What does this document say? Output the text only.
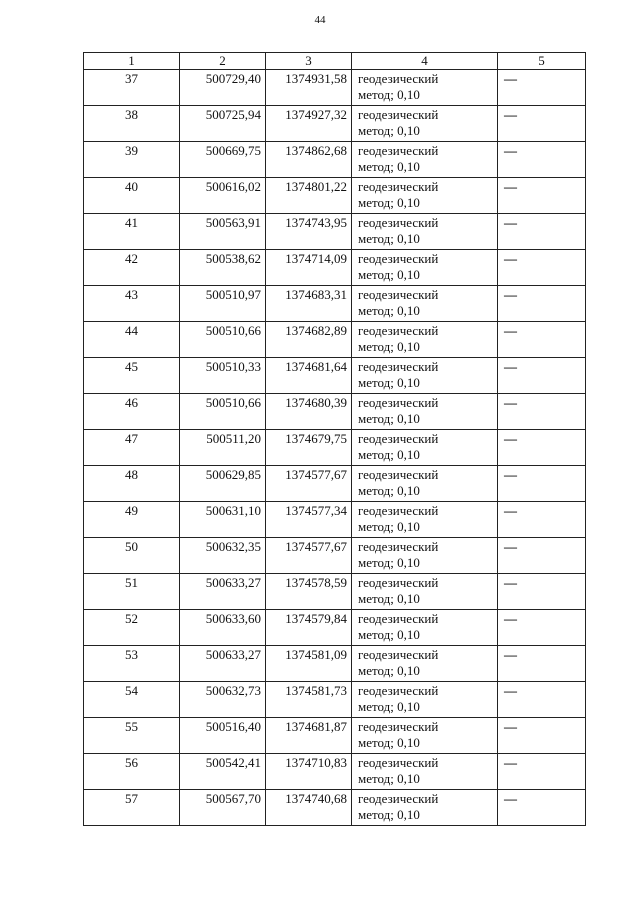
44
1	2	3	4	5
37	500729,40	1374931,58	геодезический
метод; 0,10	—
38	500725,94	1374927,32	геодезический
метод; 0,10	—
39	500669,75	1374862,68	геодезический
метод; 0,10	—
40	500616,02	1374801,22	геодезический
метод; 0,10	—
41	500563,91	1374743,95	геодезический
метод; 0,10	—
42	500538,62	1374714,09	геодезический
метод; 0,10	—
43	500510,97	1374683,31	геодезический
метод; 0,10	—
44	500510,66	1374682,89	геодезический
метод; 0,10	—
45	500510,33	1374681,64	геодезический
метод; 0,10	—
46	500510,66	1374680,39	геодезический
метод; 0,10	—
47	500511,20	1374679,75	геодезический
метод; 0,10	—
48	500629,85	1374577,67	геодезический
метод; 0,10	—
49	500631,10	1374577,34	геодезический
метод; 0,10	—
50	500632,35	1374577,67	геодезический
метод; 0,10	—
51	500633,27	1374578,59	геодезический
метод; 0,10	—
52	500633,60	1374579,84	геодезический
метод; 0,10	—
53	500633,27	1374581,09	геодезический
метод; 0,10	—
54	500632,73	1374581,73	геодезический
метод; 0,10	—
55	500516,40	1374681,87	геодезический
метод; 0,10	—
56	500542,41	1374710,83	геодезический
метод; 0,10	—
57	500567,70	1374740,68	геодезический
метод; 0,10	—
